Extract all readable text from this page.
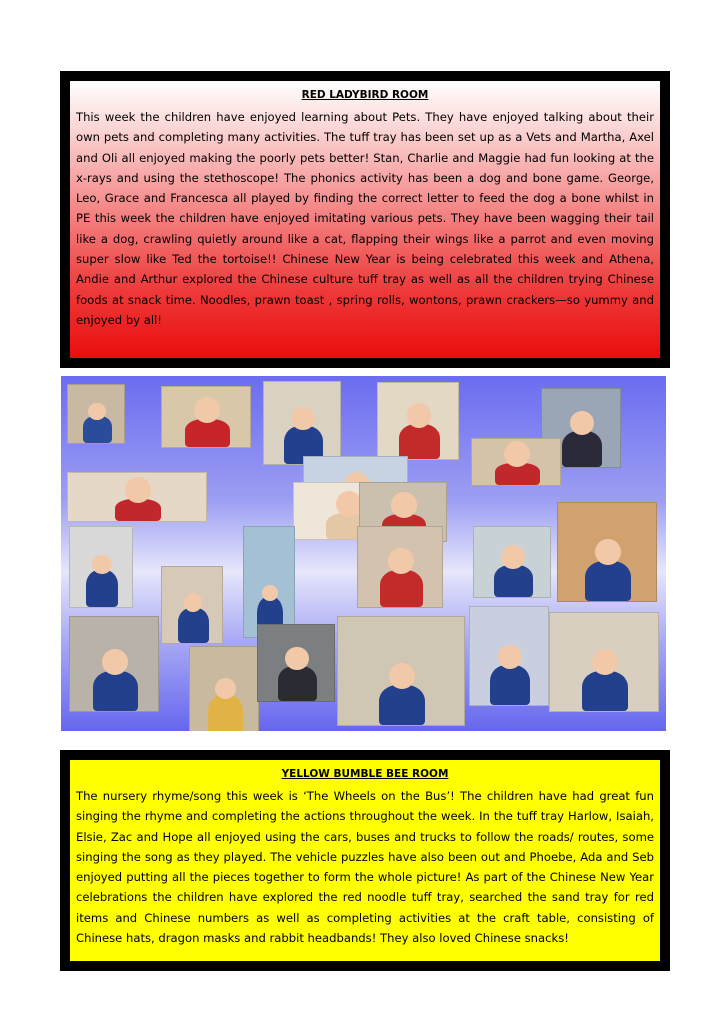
RED LADYBIRD ROOM

This week the children have enjoyed learning about Pets. They have enjoyed talking about their own pets and completing many activities. The tuff tray has been set up as a Vets and Martha, Axel and Oli all enjoyed making the poorly pets better! Stan, Charlie and Maggie had fun looking at the x-rays and using the stethoscope! The phonics activity has been a dog and bone game. George, Leo, Grace and Francesca all played by finding the correct letter to feed the dog a bone whilst in PE this week the children have enjoyed imitating various pets. They have been wagging their tail like a dog, crawling quietly around like a cat, flapping their wings like a parrot and even moving super slow like Ted the tortoise!! Chinese New Year is being celebrated this week and Athena, Andie and Arthur explored the Chinese culture tuff tray as well as all the children trying Chinese foods at snack time. Noodles, prawn toast , spring rolls, wontons, prawn crackers—so yummy and enjoyed by all!

YELLOW BUMBLE BEE ROOM

The nursery rhyme/song this week is ‘The Wheels on the Bus’! The children have had great fun singing the rhyme and completing the actions throughout the week. In the tuff tray Harlow, Isaiah, Elsie, Zac and Hope all enjoyed using the cars, buses and trucks to follow the roads/ routes, some singing the song as they played. The vehicle puzzles have also been out and Phoebe, Ada and Seb enjoyed putting all the pieces together to form the whole picture! As part of the Chinese New Year celebrations the children have explored the red noodle tuff tray, searched the sand tray for red items and Chinese numbers as well as completing activities at the craft table, consisting of Chinese hats, dragon masks and rabbit headbands! They also loved Chinese snacks!
